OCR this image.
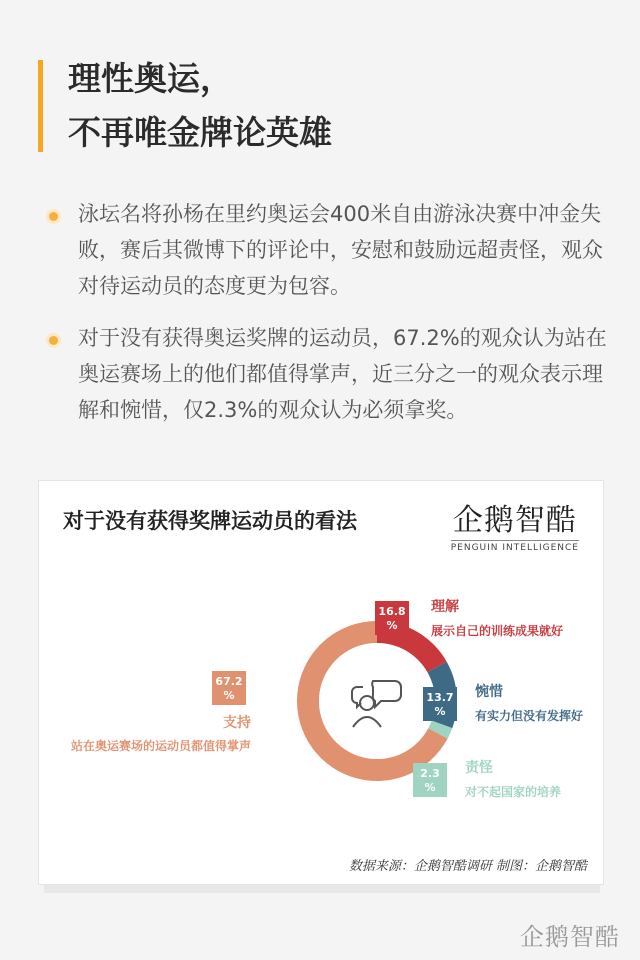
理性奥运，
不再唯金牌论英雄
泳坛名将孙杨在里约奥运会400米自由游泳决赛中冲金失败，赛后其微博下的评论中，安慰和鼓励远超责怪，观众对待运动员的态度更为包容。
对于没有获得奥运奖牌的运动员，67.2%的观众认为站在奥运赛场上的他们都值得掌声，近三分之一的观众表示理解和惋惜，仅2.3%的观众认为必须拿奖。
对于没有获得奖牌运动员的看法	企鹅智酷
PENGUIN INTELLIGENCE
16.8
%
理解
展示自己的训练成果就好
13.7
%
惋惜
有实力但没有发挥好
2.3
%
责怪
对不起国家的培养
67.2
%
支持
站在奥运赛场的运动员都值得掌声
数据来源：企鹅智酷调研 制图：企鹅智酷
企鹅智酷
